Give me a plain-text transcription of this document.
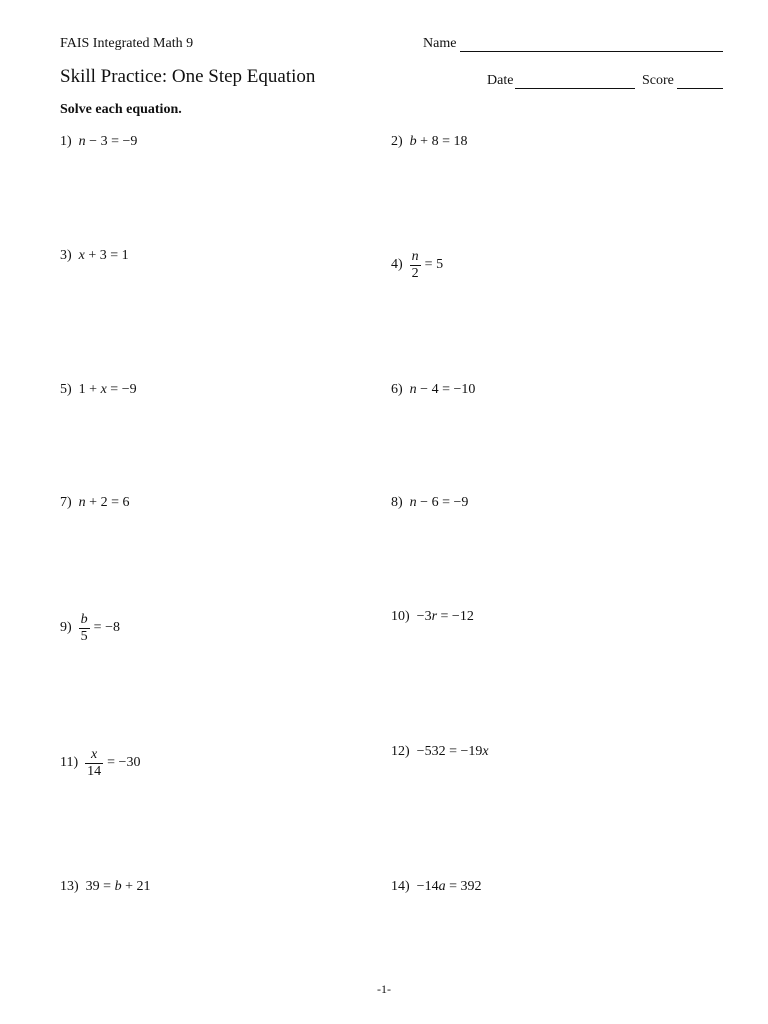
FAIS Integrated Math 9
Skill Practice: One Step Equation
Solve each equation.
Name
Date	Score
1) n − 3 = −9	2) b + 8 = 18
3) x + 3 = 1
$4) \frac{n}{2} = 5$
5) 1 + x = −9	6) n − 4 = −10
7) n + 2 = 6	8) n − 6 = −9
$9) \frac{b}{5} = -8$
10) −3 r = −12
$11) \frac{x}{14} = -30$
12) −532 = −19 x
13) 39 = b + 21	14) −14 a = 392
-1-
